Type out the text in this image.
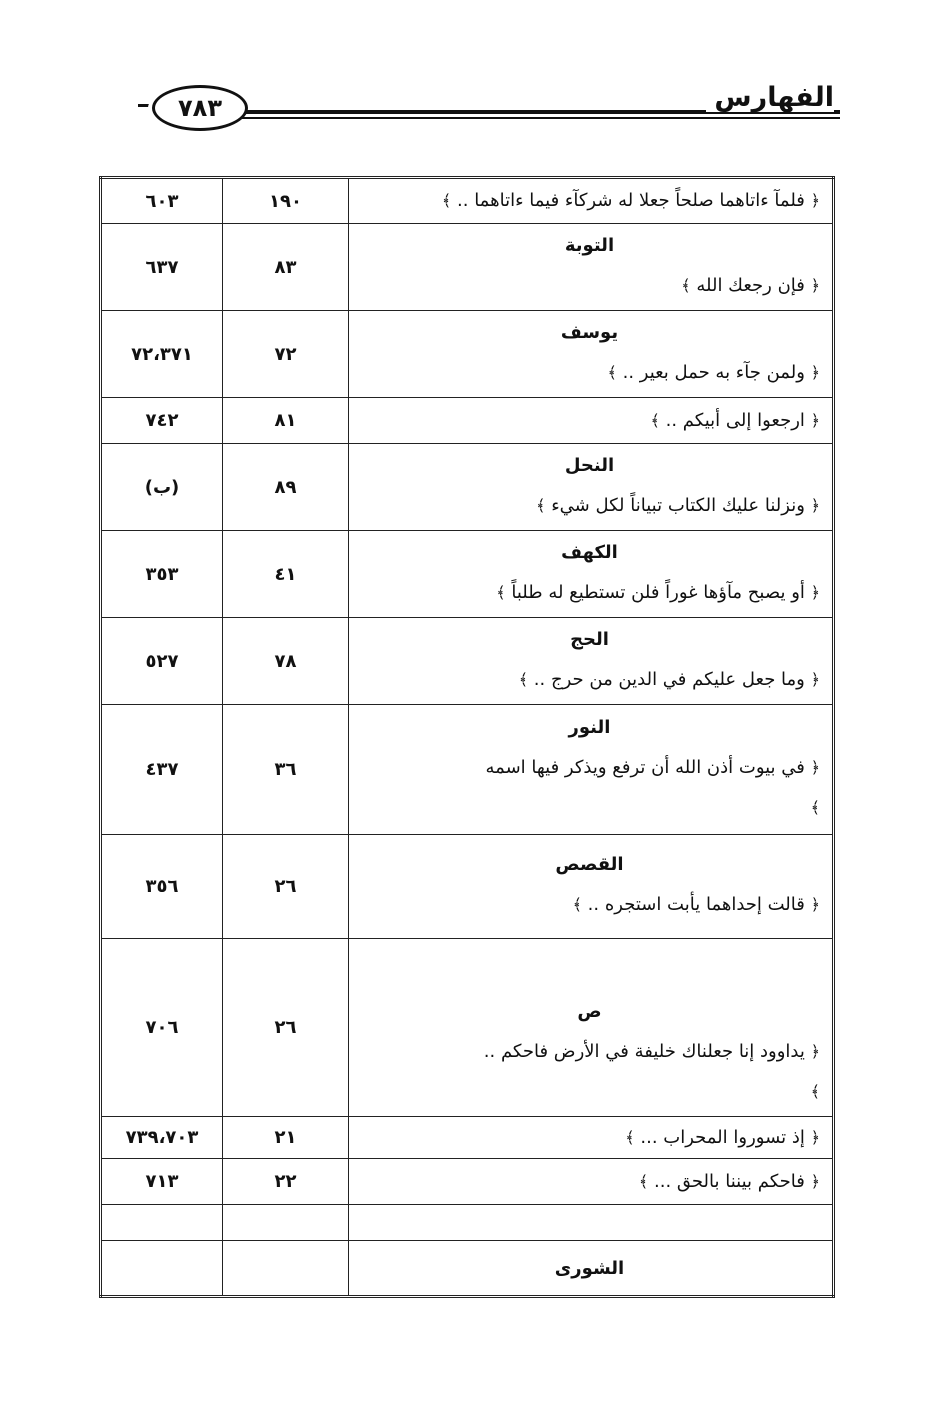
٧٨٣	الفهارس
٦٠٣	١٩٠	﴿ فلمآ ءاتاهما صلحاً جعلا له شركآء فيما ءاتاهما .. ﴾

٦٣٧	٨٣	التوبة
﴿ فإن رجعك الله ﴾

٧٢،٣٧١	٧٢	يوسف
﴿ ولمن جآء به حمل بعير .. ﴾

٧٤٢	٨١	﴿ ارجعوا إلى أبيكم .. ﴾

(ب)	٨٩	النحل
﴿ ونزلنا عليك الكتاب تبياناً لكل شيء ﴾

٣٥٣	٤١	الكهف
﴿ أو يصبح مآؤها غوراً فلن تستطيع له طلباً ﴾

٥٢٧	٧٨	الحج
﴿ وما جعل عليكم في الدين من حرج .. ﴾

٤٣٧	٣٦	النور
﴿ في بيوت أذن الله أن ترفع ويذكر فيها اسمه
﴾

٣٥٦	٢٦	القصص
﴿ قالت إحداهما يأبت استجره .. ﴾

٧٠٦	٢٦	ص
﴿ يداوود إنا جعلناك خليفة في الأرض فاحكم ..
﴾

٧٣٩،٧٠٣	٢١	﴿ إذ تسوروا المحراب ... ﴾

٧١٣	٢٢	﴿ فاحكم بيننا بالحق ... ﴾

		الشورى
